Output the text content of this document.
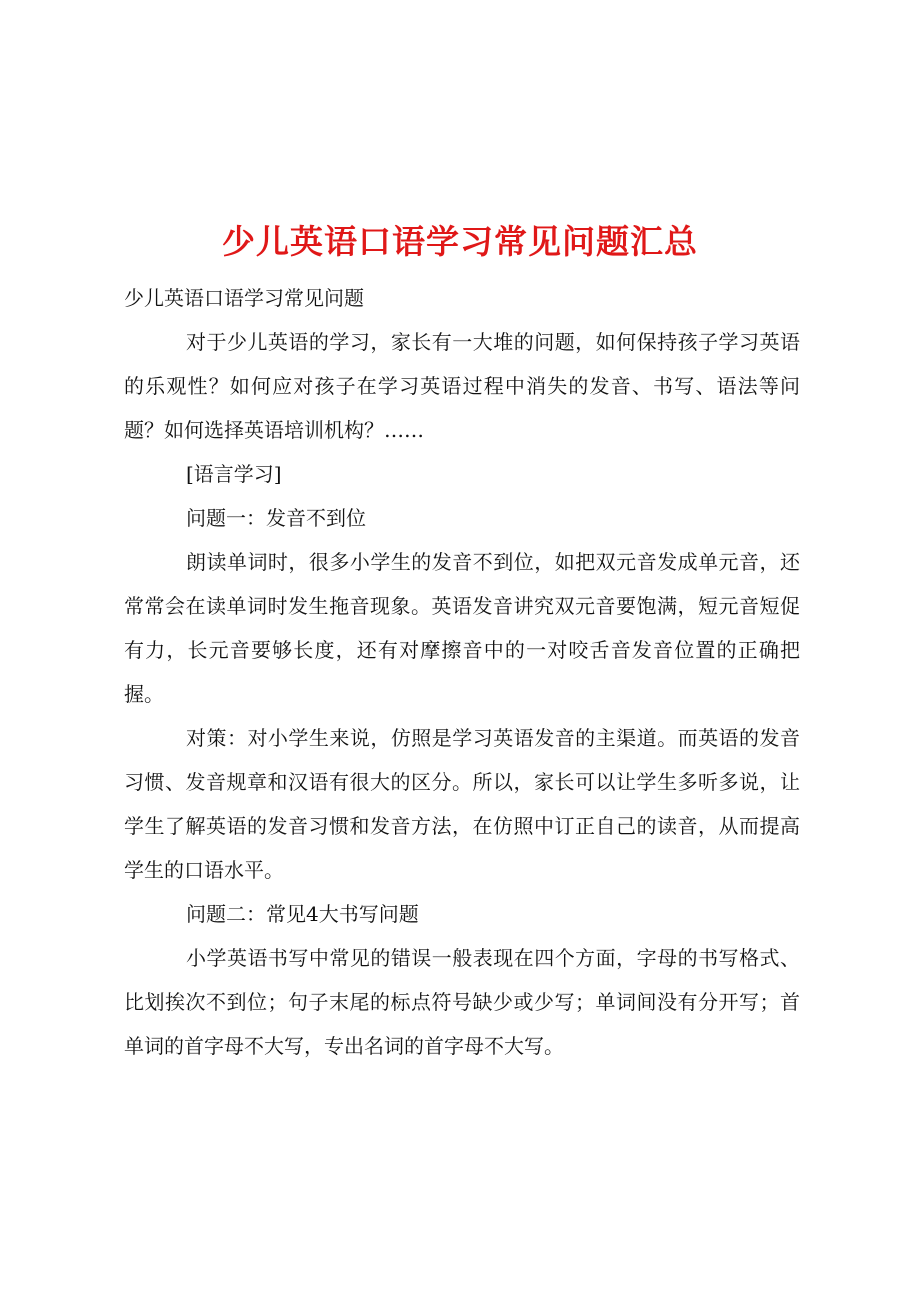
少儿英语口语学习常见问题汇总

少儿英语口语学习常见问题

对于少儿英语的学习，家长有一大堆的问题，如何保持孩子学习英语的乐观性？如何应对孩子在学习英语过程中消失的发音、书写、语法等问题？如何选择英语培训机构？……

[语言学习]

问题一：发音不到位

朗读单词时，很多小学生的发音不到位，如把双元音发成单元音，还常常会在读单词时发生拖音现象。英语发音讲究双元音要饱满，短元音短促有力，长元音要够长度，还有对摩擦音中的一对咬舌音发音位置的正确把握。

对策：对小学生来说，仿照是学习英语发音的主渠道。而英语的发音习惯、发音规章和汉语有很大的区分。所以，家长可以让学生多听多说，让学生了解英语的发音习惯和发音方法，在仿照中订正自己的读音，从而提高学生的口语水平。

问题二：常见4大书写问题

小学英语书写中常见的错误一般表现在四个方面，字母的书写格式、比划挨次不到位；句子末尾的标点符号缺少或少写；单词间没有分开写；首单词的首字母不大写，专出名词的首字母不大写。
